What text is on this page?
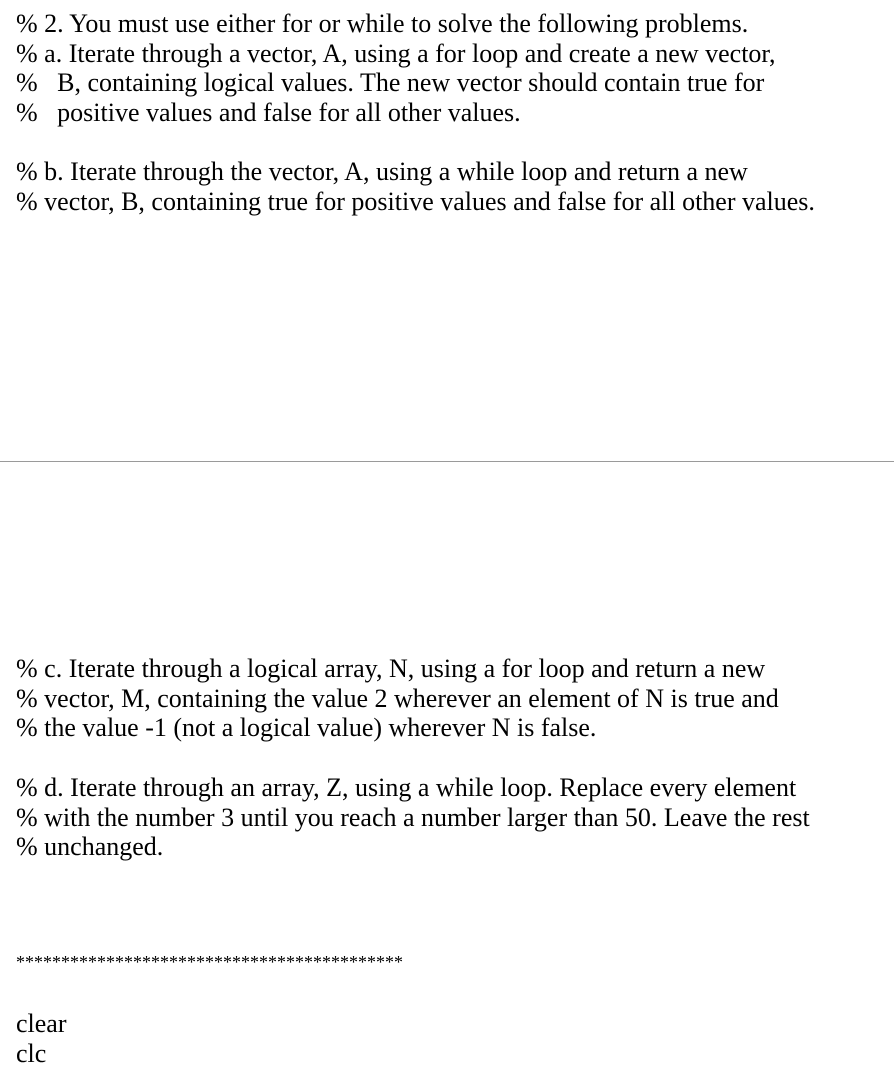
% 2. You must use either for or while to solve the following problems.
% a. Iterate through a vector, A, using a for loop and create a new vector,
%   B, containing logical values. The new vector should contain true for
%   positive values and false for all other values.
% b. Iterate through the vector, A, using a while loop and return a new
% vector, B, containing true for positive values and false for all other values.
% c. Iterate through a logical array, N, using a for loop and return a new
% vector, M, containing the value 2 wherever an element of N is true and
% the value -1 (not a logical value) wherever N is false.
% d. Iterate through an array, Z, using a while loop. Replace every element
% with the number 3 until you reach a number larger than 50. Leave the rest
% unchanged.
*******************************************
clear
clc
